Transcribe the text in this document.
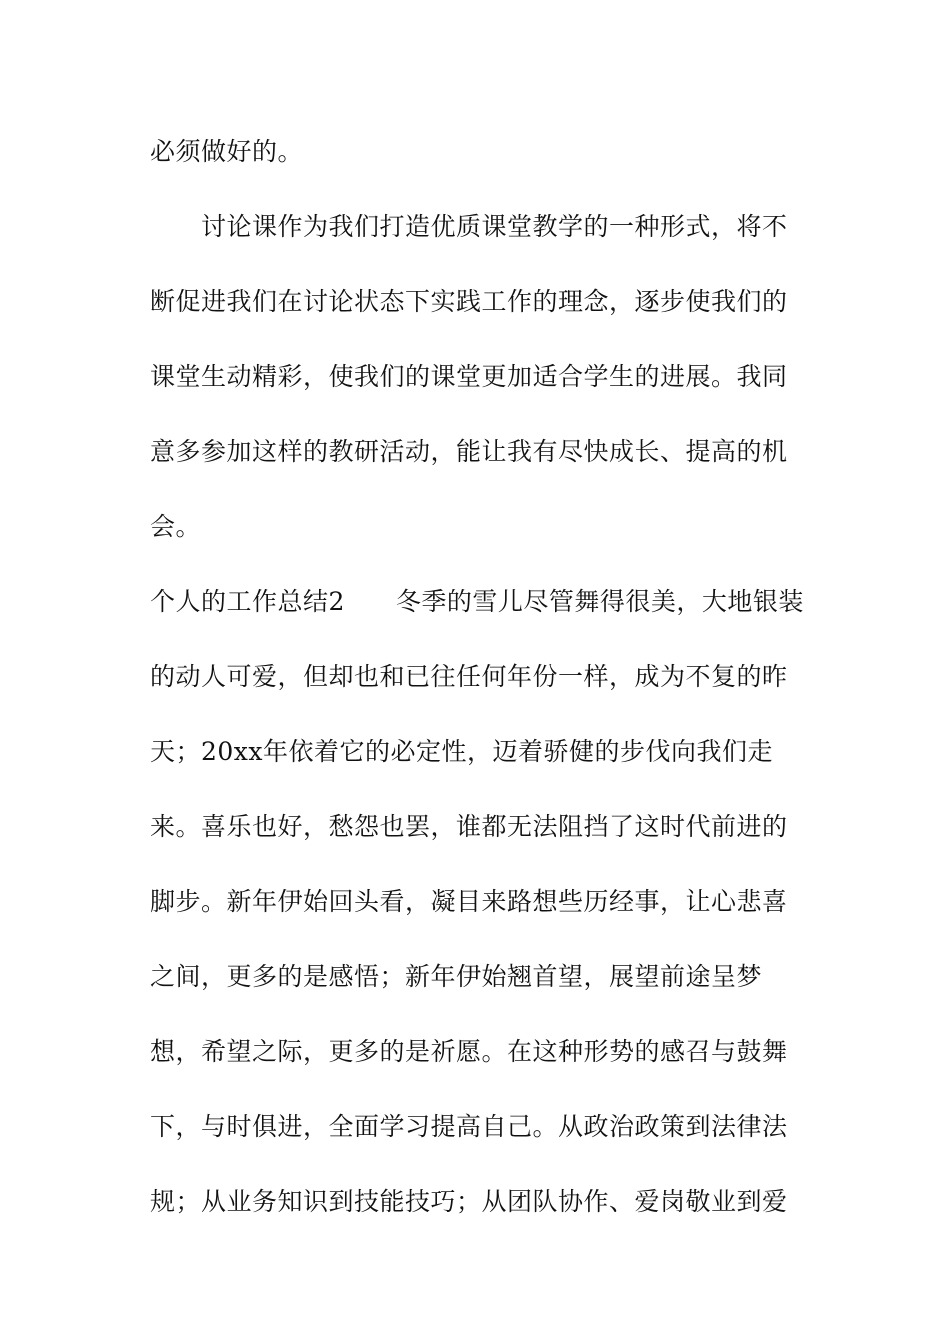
必须做好的。
讨论课作为我们打造优质课堂教学的一种形式，将不
断促进我们在讨论状态下实践工作的理念，逐步使我们的
课堂生动精彩，使我们的课堂更加适合学生的进展。我同
意多参加这样的教研活动，能让我有尽快成长、提高的机
会。
个人的工作总结2　　冬季的雪儿尽管舞得很美，大地银装
的动人可爱，但却也和已往任何年份一样，成为不复的昨
天；20xx年依着它的必定性，迈着骄健的步伐向我们走
来。喜乐也好，愁怨也罢，谁都无法阻挡了这时代前进的
脚步。新年伊始回头看，凝目来路想些历经事，让心悲喜
之间，更多的是感悟；新年伊始翘首望，展望前途呈梦
想，希望之际，更多的是祈愿。在这种形势的感召与鼓舞
下，与时俱进，全面学习提高自己。从政治政策到法律法
规；从业务知识到技能技巧；从团队协作、爱岗敬业到爱
